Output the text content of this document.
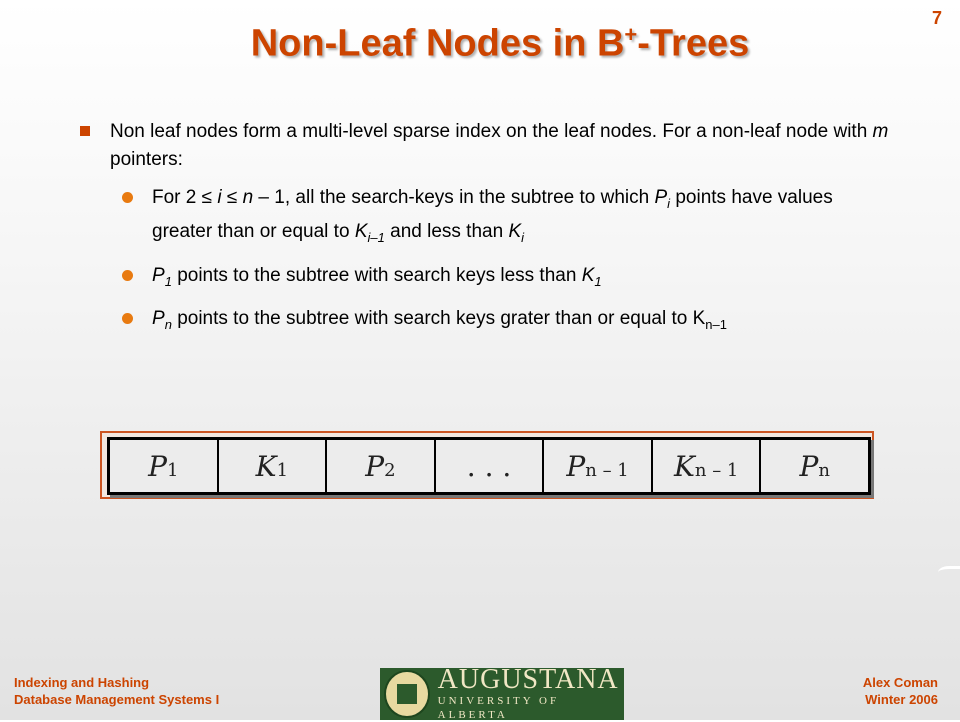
7
Non-Leaf Nodes in B+-Trees
Non leaf nodes form a multi-level sparse index on the leaf nodes. For a non-leaf node with m pointers:
For 2 ≤ i ≤ n – 1, all the search-keys in the subtree to which $P_i$ points have values greater than or equal to $K_{i-1}$ and less than $K_i$
$P_1$ points to the subtree with search keys less than $K_1$
$P_n$ points to the subtree with search keys grater than or equal to $K_{n-1}$
$P_1$	$K_1$	$P_2$	. . . $P_{n - 1}$ $K_{n - 1}$ $P_n$
Indexing and Hashing
Database Management Systems I
AUGUSTANA
UNIVERSITY OF ALBERTA
Alex Coman
Winter 2006
